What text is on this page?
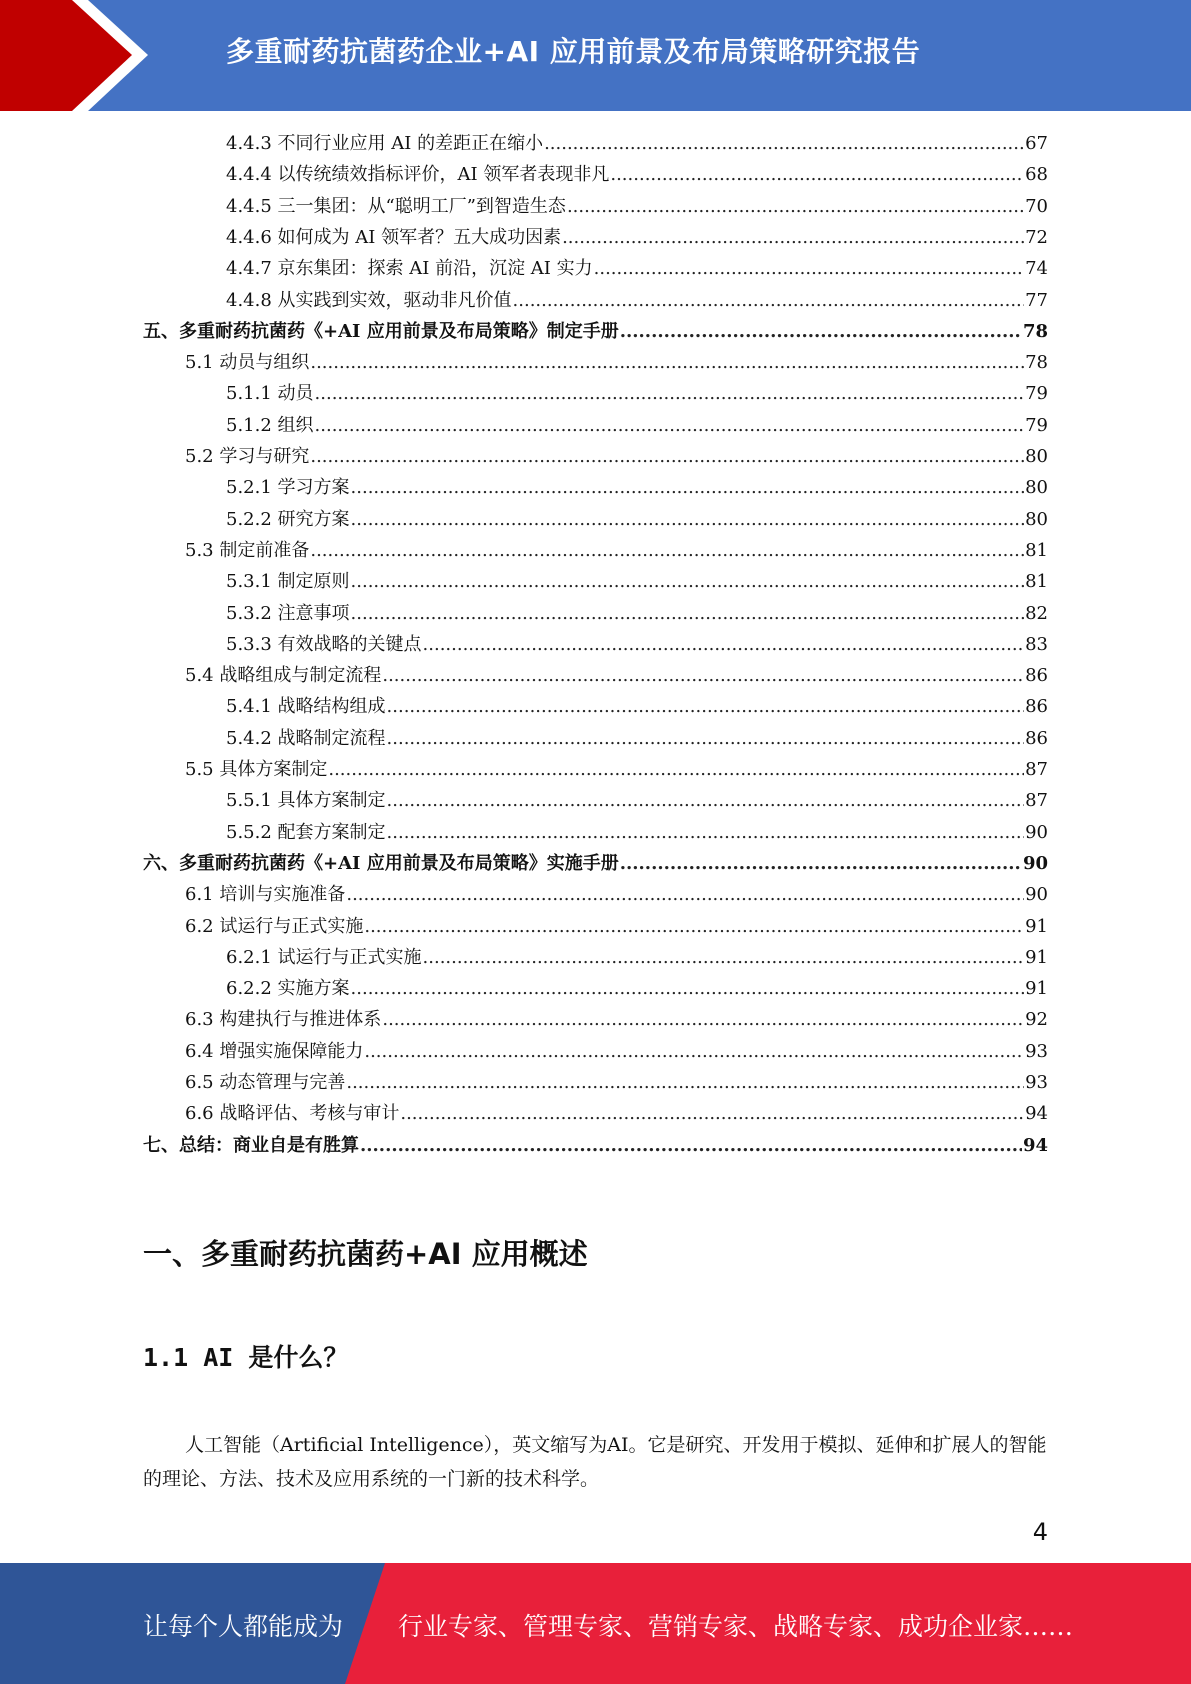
多重耐药抗菌药企业+AI 应用前景及布局策略研究报告
4.4.3 不同行业应用 AI 的差距正在缩小 .....	67
4.4.4 以传统绩效指标评价，AI 领军者表现非凡 .....	68
4.4.5 三一集团：从“聪明工厂”到智造生态 .....	70
4.4.6 如何成为 AI 领军者？五大成功因素 .....	72
4.4.7 京东集团：探索 AI 前沿，沉淀 AI 实力 .....	74
4.4.8 从实践到实效，驱动非凡价值 .....	77
五、多重耐药抗菌药《+AI 应用前景及布局策略》制定手册 .....	78
5.1 动员与组织 .....	78
5.1.1 动员 .....	79
5.1.2 组织 .....	79
5.2 学习与研究 .....	80
5.2.1 学习方案 .....	80
5.2.2 研究方案 .....	80
5.3 制定前准备 .....	81
5.3.1 制定原则 .....	81
5.3.2 注意事项 .....	82
5.3.3 有效战略的关键点 .....	83
5.4 战略组成与制定流程 .....	86
5.4.1 战略结构组成 .....	86
5.4.2 战略制定流程 .....	86
5.5 具体方案制定 .....	87
5.5.1 具体方案制定 .....	87
5.5.2 配套方案制定 .....	90
六、多重耐药抗菌药《+AI 应用前景及布局策略》实施手册 .....	90
6.1 培训与实施准备 .....	90
6.2 试运行与正式实施 .....	91
6.2.1 试运行与正式实施 .....	91
6.2.2 实施方案 .....	91
6.3 构建执行与推进体系 .....	92
6.4 增强实施保障能力 .....	93
6.5 动态管理与完善 .....	93
6.6 战略评估、考核与审计 .....	94
七、总结：商业自是有胜算 .....	94
一、多重耐药抗菌药+AI 应用概述
1.1 AI 是什么？
人工智能（Artificial Intelligence），英文缩写为AI。它是研究、开发用于模拟、延伸和扩展人的智能的理论、方法、技术及应用系统的一门新的技术科学。
4
让每个人都能成为 行业专家、管理专家、营销专家、战略专家、成功企业家……
